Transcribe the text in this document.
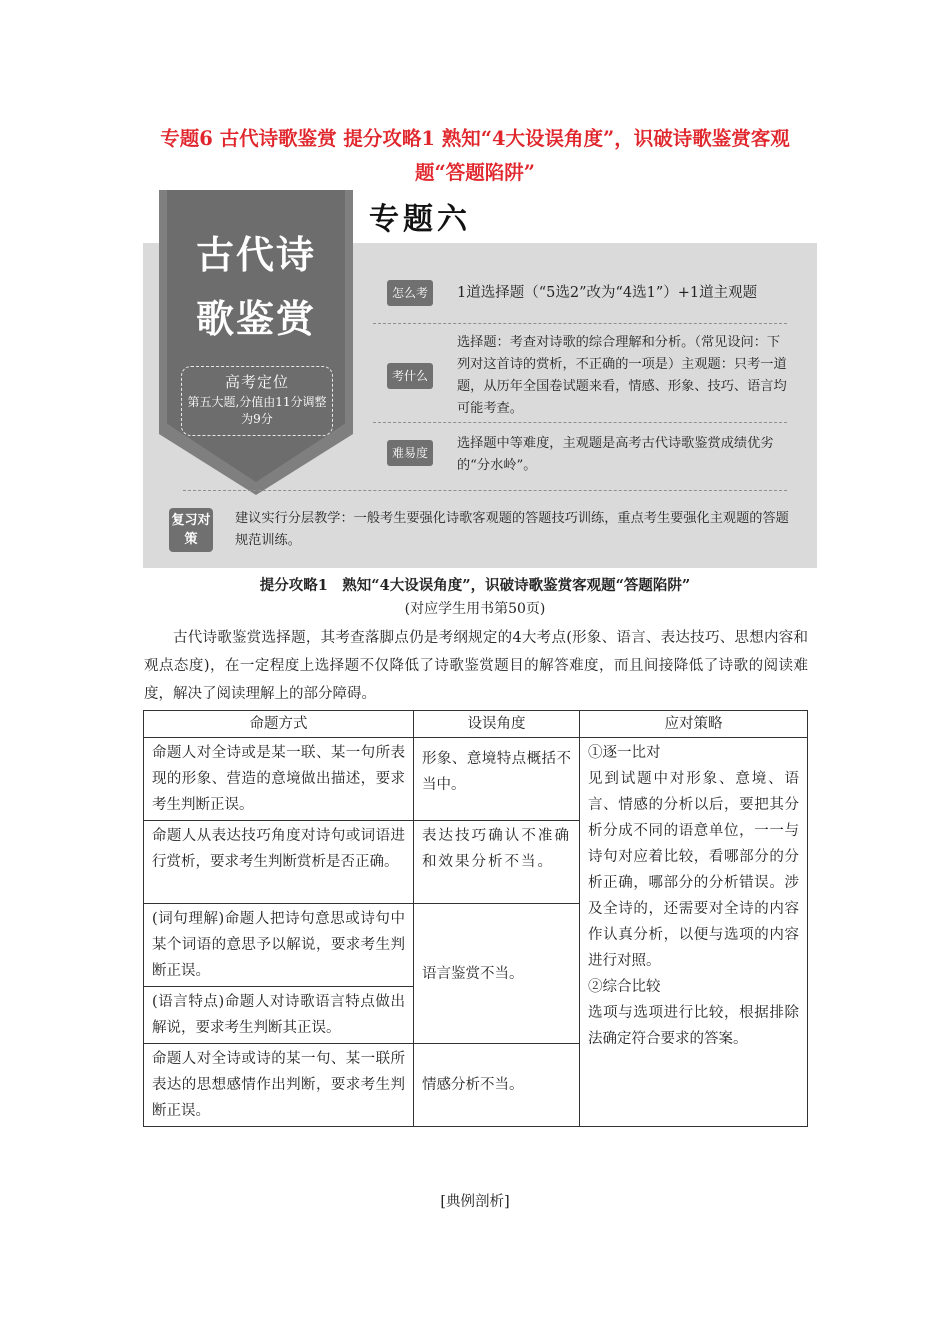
专题6 古代诗歌鉴赏 提分攻略1 熟知“4大设误角度”，识破诗歌鉴赏客观题“答题陷阱”
古代诗
歌鉴赏
高考定位
第五大题,分值由11分调整为9分
专题六
怎么考	1道选择题（“5选2”改为“4选1”）+1道主观题
考什么
选择题：考查对诗歌的综合理解和分析。（常见设问：下列对这首诗的赏析，不正确的一项是）主观题：只考一道题，从历年全国卷试题来看，情感、形象、技巧、语言均可能考查。
难易度
选择题中等难度，主观题是高考古代诗歌鉴赏成绩优劣的“分水岭”。
复习对策
建议实行分层教学：一般考生要强化诗歌客观题的答题技巧训练，重点考生要强化主观题的答题规范训练。
提分攻略1　熟知“4大设误角度”，识破诗歌鉴赏客观题“答题陷阱”
(对应学生用书第50页)
古代诗歌鉴赏选择题，其考查落脚点仍是考纲规定的4大考点(形象、语言、表达技巧、思想内容和观点态度)，在一定程度上选择题不仅降低了诗歌鉴赏题目的解答难度，而且间接降低了诗歌的阅读难度，解决了阅读理解上的部分障碍。
命题方式	设误角度	应对策略
命题人对全诗或是某一联、某一句所表现的形象、营造的意境做出描述，要求考生判断正误。	形象、意境特点概括不当中。	①逐一比对
见到试题中对形象、意境、语言、情感的分析以后，要把其分析分成不同的语意单位，一一与诗句对应着比较，看哪部分的分析正确，哪部分的分析错误。涉及全诗的，还需要对全诗的内容作认真分析，以便与选项的内容进行对照。
②综合比较
选项与选项进行比较，根据排除法确定符合要求的答案。

命题人从表达技巧角度对诗句或词语进行赏析，要求考生判断赏析是否正确。	表达技巧确认不准确和效果分析不当。	
(词句理解)命题人把诗句意思或诗句中某个词语的意思予以解说，要求考生判断正误。	语言鉴赏不当。	
(语言特点)命题人对诗歌语言特点做出解说，要求考生判断其正误。		
命题人对全诗或诗的某一句、某一联所表达的思想感情作出判断，要求考生判断正误。	情感分析不当。	
[典例剖析]
